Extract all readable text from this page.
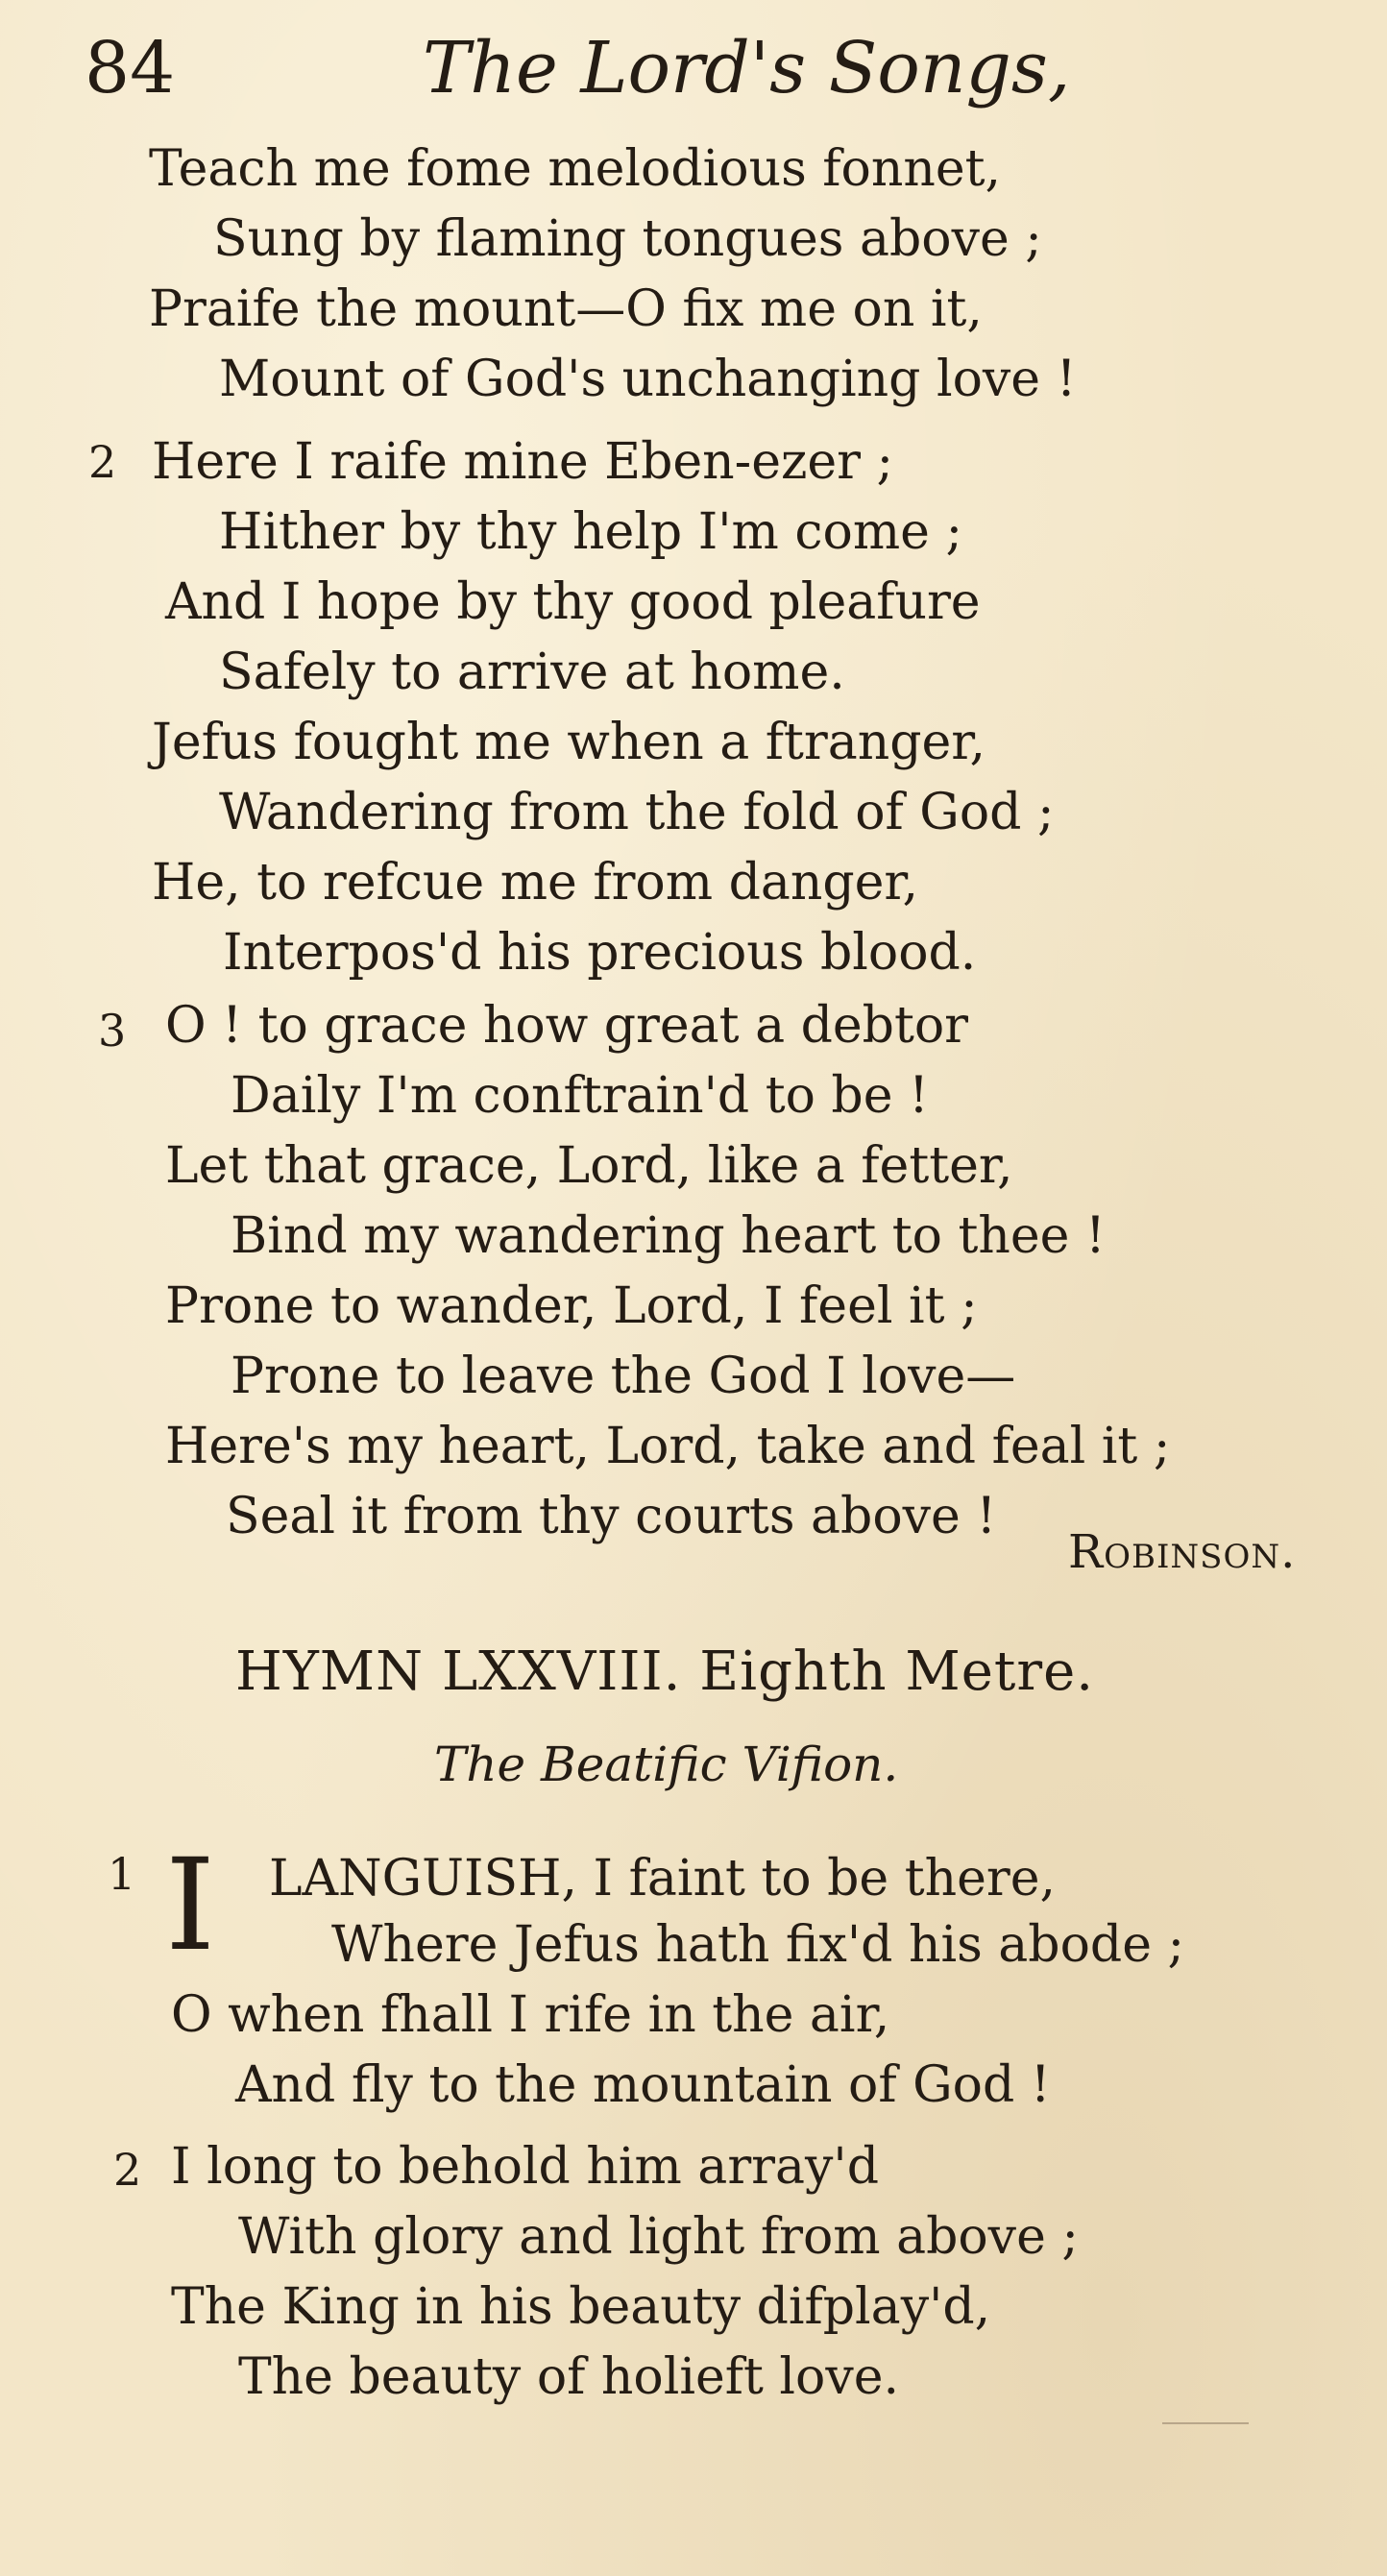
84	The Lord's Songs,
Teach me fome melodious fonnet,
Sung by flaming tongues above ;
Praife the mount—O fix me on it,
Mount of God's unchanging love !
2 Here I raife mine Eben-ezer ;
Hither by thy help I'm come ;
And I hope by thy good pleafure
Safely to arrive at home.
Jefus fought me when a ftranger,
Wandering from the fold of God ;
He, to refcue me from danger,
Interpos'd his precious blood.
3 O ! to grace how great a debtor
Daily I'm conftrain'd to be !
Let that grace, Lord, like a fetter,
Bind my wandering heart to thee !
Prone to wander, Lord, I feel it ;
Prone to leave the God I love—
Here's my heart, Lord, take and feal it ;
Seal it from thy courts above !
Robinson.
HYMN LXXVIII. Eighth Metre.
The Beatific Vifion.
1 I LANGUISH, I faint to be there,
Where Jefus hath fix'd his abode ;
O when fhall I rife in the air,
And fly to the mountain of God !
2 I long to behold him array'd
With glory and light from above ;
The King in his beauty difplay'd,
The beauty of holieft love.
